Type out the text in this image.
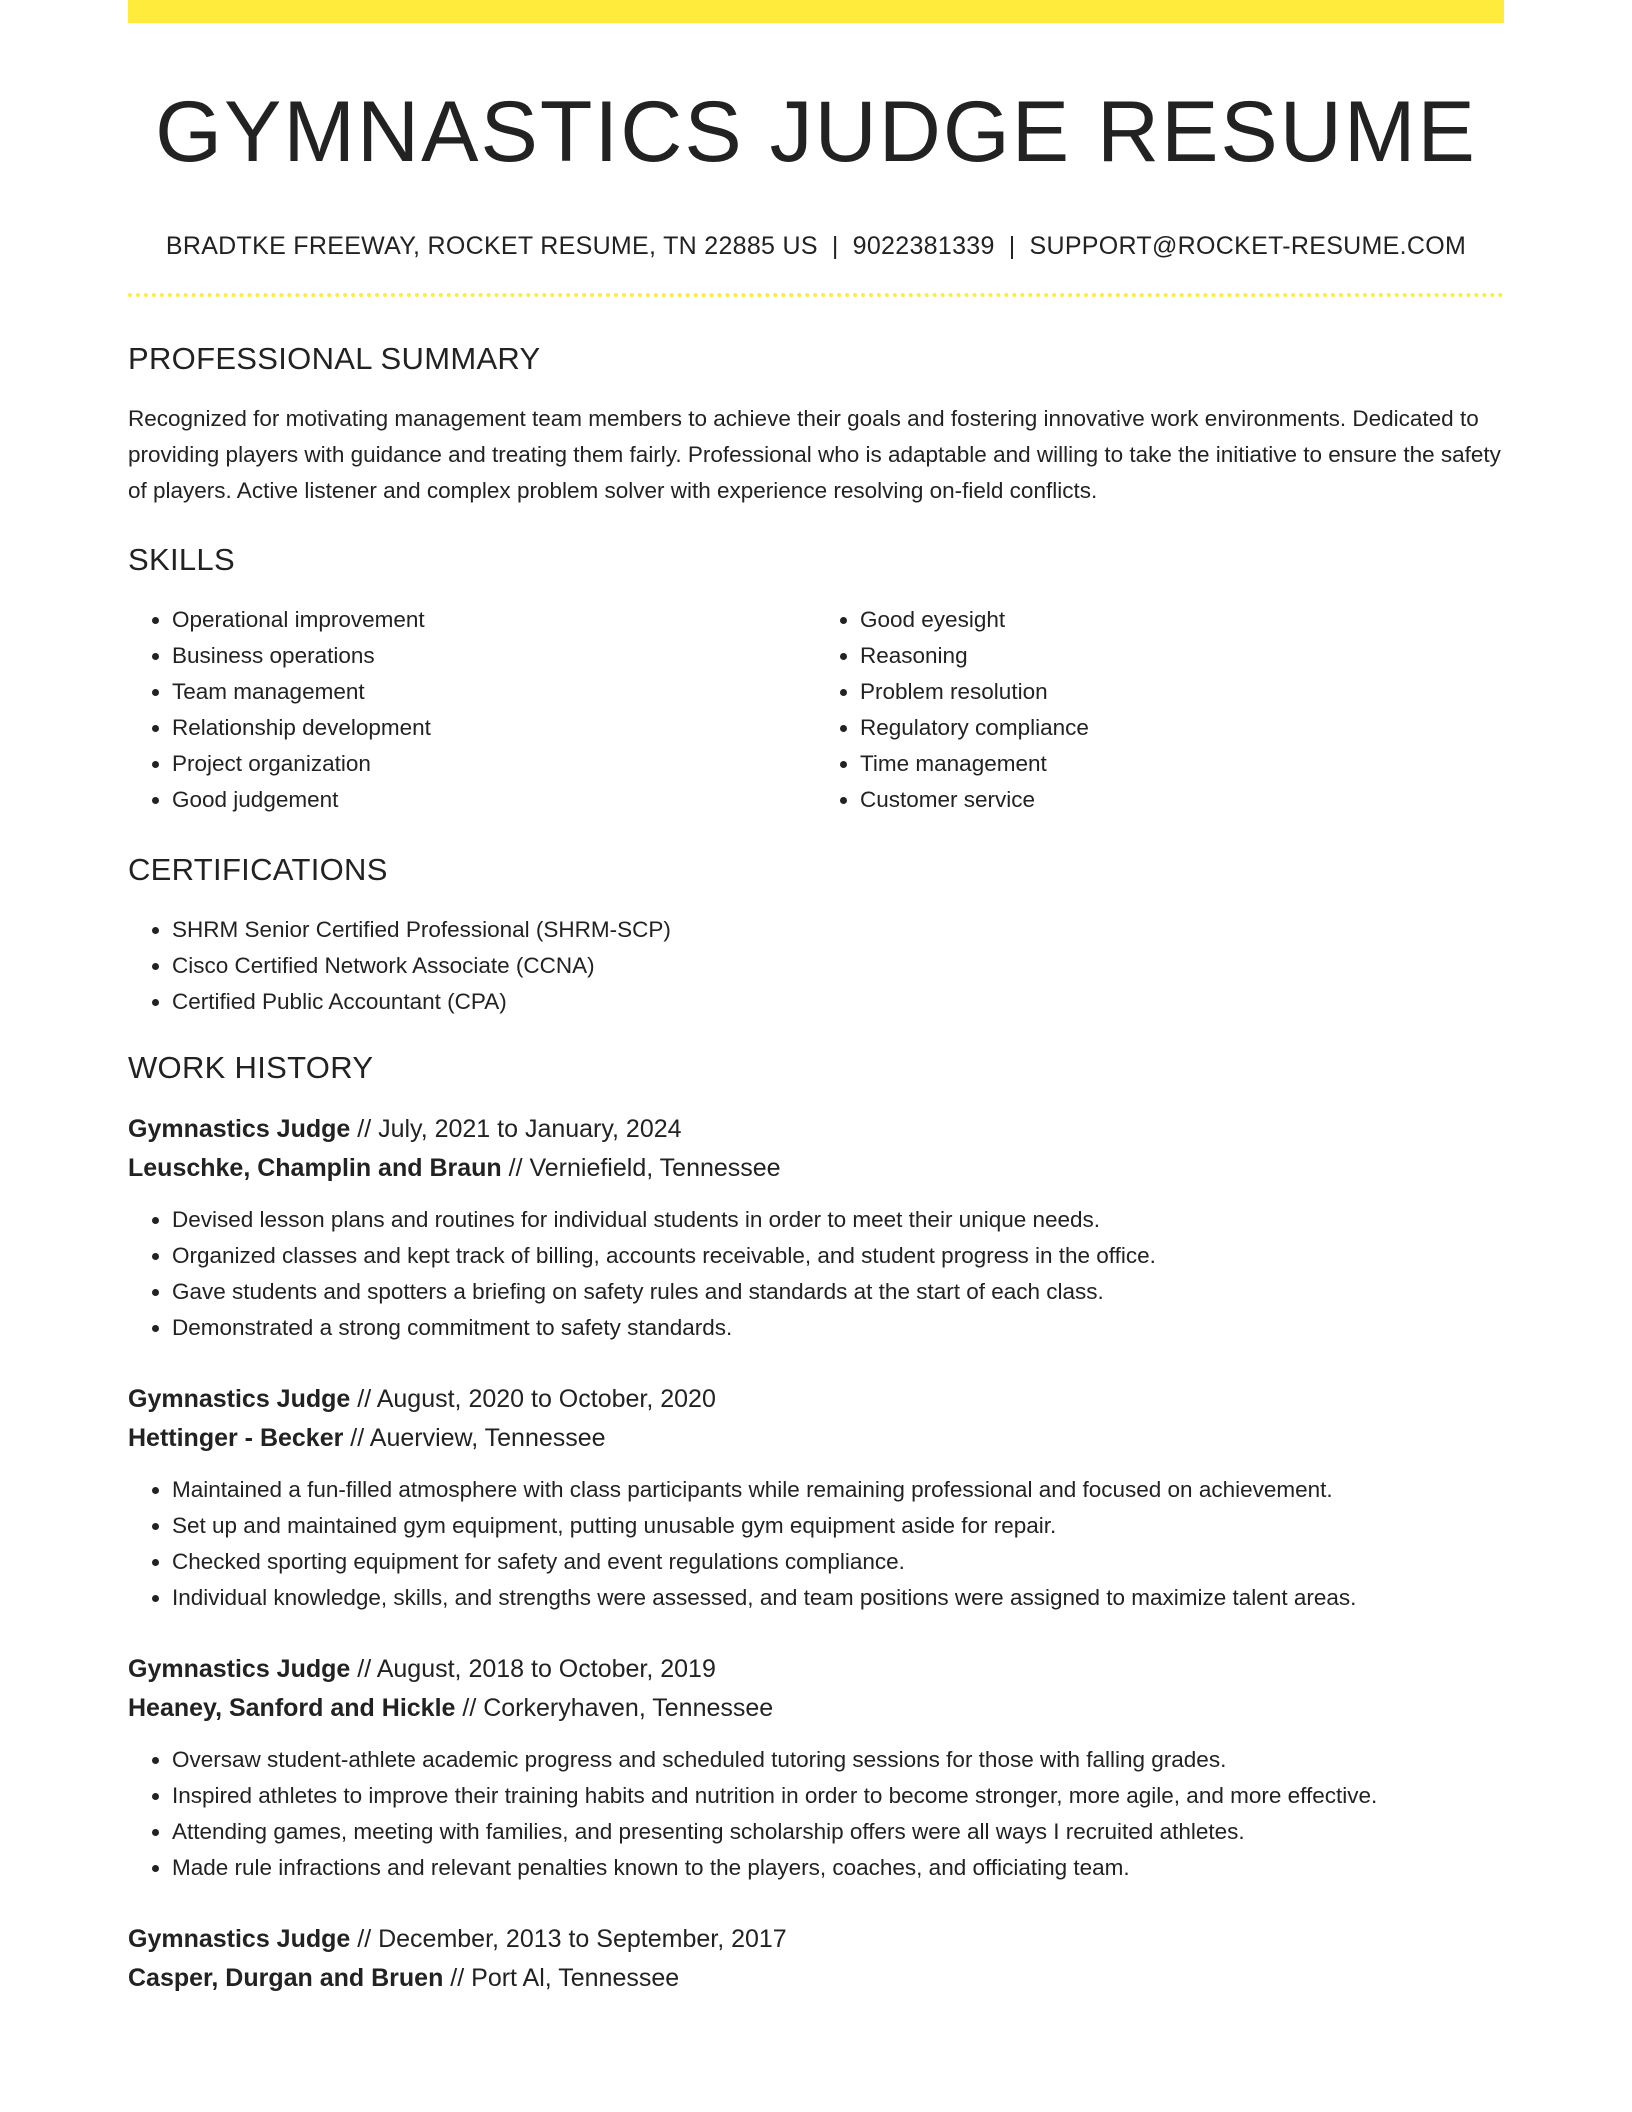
GYMNASTICS JUDGE RESUME
BRADTKE FREEWAY, ROCKET RESUME, TN 22885 US | 9022381339 | SUPPORT@ROCKET-RESUME.COM
PROFESSIONAL SUMMARY

Recognized for motivating management team members to achieve their goals and fostering innovative work environments. Dedicated to providing players with guidance and treating them fairly. Professional who is adaptable and willing to take the initiative to ensure the safety of players. Active listener and complex problem solver with experience resolving on-field conflicts.

SKILLS
• Operational improvement
• Business operations
• Team management
• Relationship development
• Project organization
• Good judgement
• Good eyesight
• Reasoning
• Problem resolution
• Regulatory compliance
• Time management
• Customer service
CERTIFICATIONS
• SHRM Senior Certified Professional (SHRM-SCP)
• Cisco Certified Network Associate (CCNA)
• Certified Public Accountant (CPA)
WORK HISTORY
Gymnastics Judge // July, 2021 to January, 2024
Leuschke, Champlin and Braun // Verniefield, Tennessee
• Devised lesson plans and routines for individual students in order to meet their unique needs.
• Organized classes and kept track of billing, accounts receivable, and student progress in the office.
• Gave students and spotters a briefing on safety rules and standards at the start of each class.
• Demonstrated a strong commitment to safety standards.
Gymnastics Judge // August, 2020 to October, 2020
Hettinger - Becker // Auerview, Tennessee
• Maintained a fun-filled atmosphere with class participants while remaining professional and focused on achievement.
• Set up and maintained gym equipment, putting unusable gym equipment aside for repair.
• Checked sporting equipment for safety and event regulations compliance.
• Individual knowledge, skills, and strengths were assessed, and team positions were assigned to maximize talent areas.
Gymnastics Judge // August, 2018 to October, 2019
Heaney, Sanford and Hickle // Corkeryhaven, Tennessee
• Oversaw student-athlete academic progress and scheduled tutoring sessions for those with falling grades.
• Inspired athletes to improve their training habits and nutrition in order to become stronger, more agile, and more effective.
• Attending games, meeting with families, and presenting scholarship offers were all ways I recruited athletes.
• Made rule infractions and relevant penalties known to the players, coaches, and officiating team.
Gymnastics Judge // December, 2013 to September, 2017
Casper, Durgan and Bruen // Port Al, Tennessee
